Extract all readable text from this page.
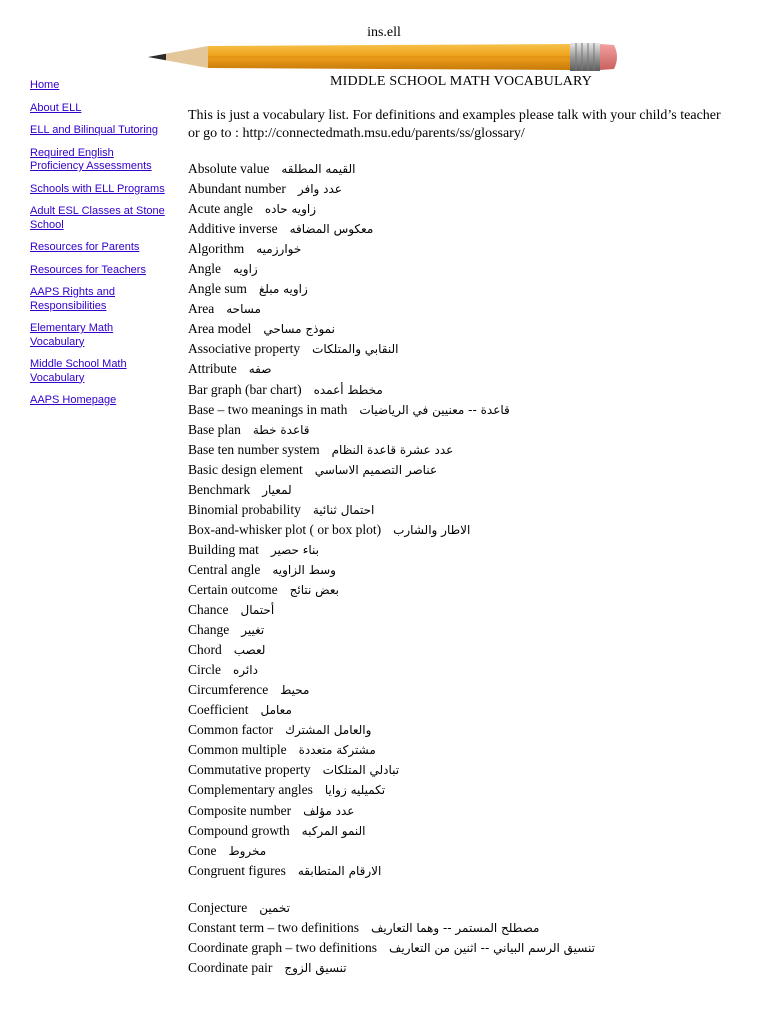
ins.ell
Home
About ELL
ELL and Bilinqual Tutoring
Required English Proficiency Assessments
Schools with ELL Programs
Adult ESL Classes at Stone School
Resources for Parents
Resources for Teachers
AAPS Rights and Responsibilities
Elementary Math Vocabulary
Middle School Math Vocabulary
AAPS Homepage
MIDDLE SCHOOL MATH VOCABULARY

This is just a vocabulary list. For definitions and examples please talk with your child’s teacher or go to : http://connectedmath.msu.edu/parents/ss/glossary/

Absolute value القيمه المطلقه
Abundant number عدد وافر
Acute angle زاويه حاده
Additive inverse معكوس المضافه
Algorithm خوارزميه
Angle زاويه
Angle sum زاويه مبلغ
Area مساحه
Area model نموذج مساحي
Associative property النقابي والمتلكات
Attribute صفه
Bar graph (bar chart) مخطط أعمده
Base – two meanings in math قاعدة -- معنيين في الرياضيات
Base plan قاعدة خطة
Base ten number system عدد عشرة قاعدة النظام
Basic design element عناصر التصميم الاساسي
Benchmark لمعيار
Binomial probability احتمال ثنائية
Box-and-whisker plot ( or box plot) الاطار والشارب
Building mat بناء حصير
Central angle وسط الزاويه
Certain outcome بعض نتائج
Chance أحتمال
Change تغيير
Chord لعصب
Circle دائره
Circumference محيط
Coefficient معامل
Common factor والعامل المشترك
Common multiple مشتركة متعددة
Commutative property تبادلي المتلكات
Complementary angles تكميليه زوايا
Composite number عدد مؤلف
Compound growth النمو المركبه
Cone مخروط
Congruent figures الارقام المتطابقه
Conjecture تخمين
Constant term – two definitions مصطلح المستمر -- وهما التعاريف
Coordinate graph – two definitions تنسيق الرسم البياني -- اثنين من التعاريف
Coordinate pair تنسيق الزوج
